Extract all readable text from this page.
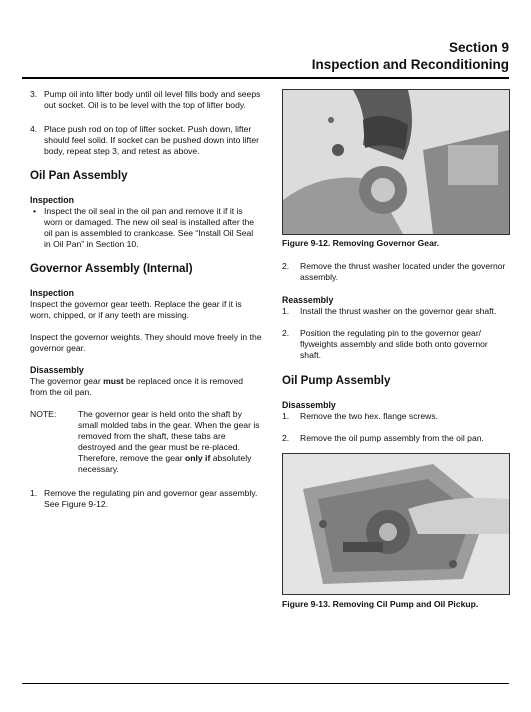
Section 9
Inspection and Reconditioning
3. Pump oil into lifter body until oil level fills body and seeps out socket. Oil is to be level with the top of lifter body.
4. Place push rod on top of lifter socket. Push down, lifter should feel solid. If socket can be pushed down into lifter body, repeat step 3, and retest as above.
Oil Pan Assembly
Inspection
• Inspect the oil seal in the oil pan and remove it if it is worn or damaged. The new oil seal is installed after the oil pan is assembled to crankcase. See “Install Oil Seal in Oil Pan” in Section 10.
Governor Assembly (Internal)
Inspection

Inspect the governor gear teeth. Replace the gear if it is worn, chipped, or if any teeth are missing.

Inspect the governor weights. They should move freely in the governor gear.

Disassembly

The governor gear must be replaced once it is removed from the oil pan.

NOTE:	The governor gear is held onto the shaft by small molded tabs in the gear. When the gear is removed from the shaft, these tabs are destroyed and the gear must be re-placed. Therefore, remove the gear only if absolutely necessary.
1. Remove the regulating pin and governor gear assembly. See Figure 9-12.
Figure 9-12. Removing Governor Gear.
2. Remove the thrust washer located under the governor assembly.
Reassembly
1. Install the thrust washer on the governor gear shaft.
2. Position the regulating pin to the governor gear/ flyweights assembly and slide both onto governor shaft.
Oil Pump Assembly
Disassembly
1. Remove the two hex. flange screws.
2. Remove the oil pump assembly from the oil pan.
Figure 9-13. Removing Cil Pump and Oil Pickup.
